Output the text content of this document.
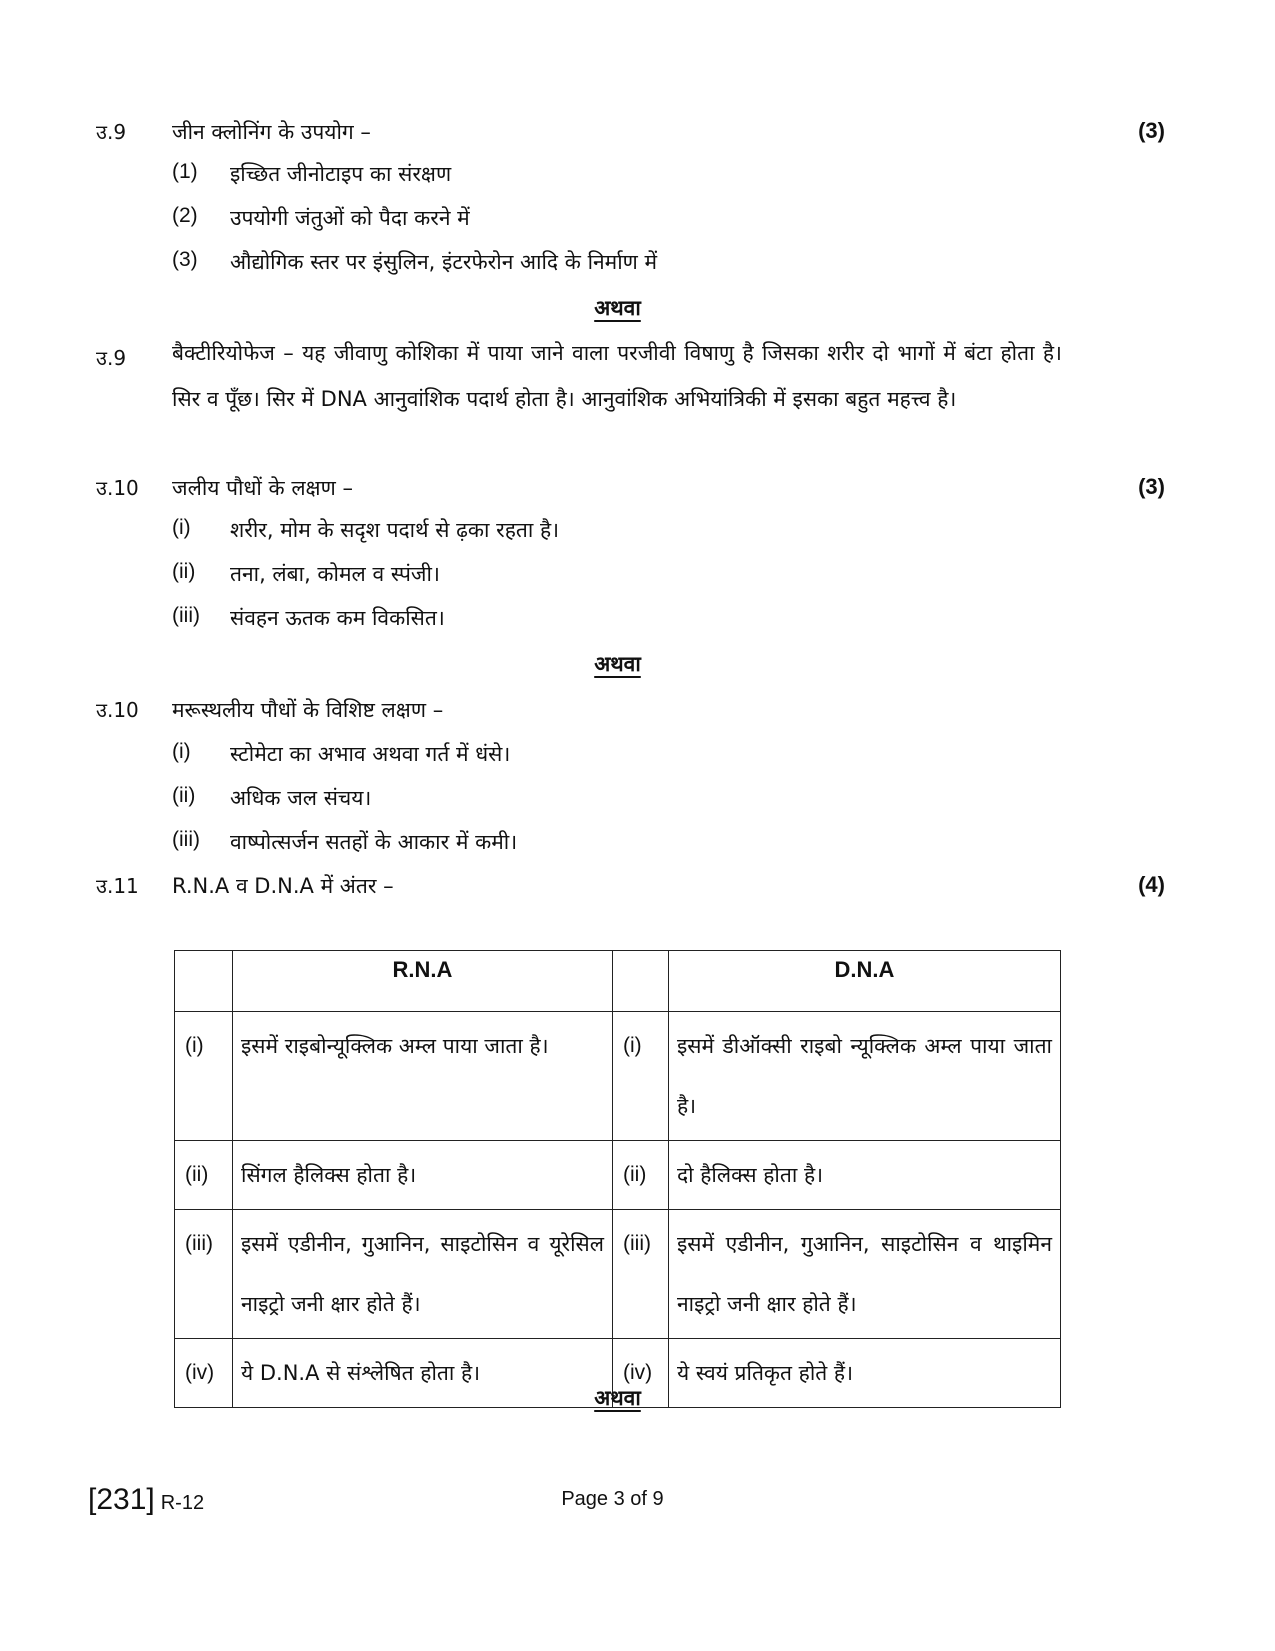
उ.9 जीन क्लोनिंग के उपयोग –	(3)
(1) इच्छित जीनोटाइप का संरक्षण
(2) उपयोगी जंतुओं को पैदा करने में
(3) औद्योगिक स्तर पर इंसुलिन, इंटरफेरोन आदि के निर्माण में
अथवा
उ.9 बैक्टीरियोफेज – यह जीवाणु कोशिका में पाया जाने वाला परजीवी विषाणु है जिसका शरीर दो भागों में बंटा होता है। सिर व पूँछ। सिर में DNA आनुवांशिक पदार्थ होता है। आनुवांशिक अभियांत्रिकी में इसका बहुत महत्त्व है।
उ.10 जलीय पौधों के लक्षण –	(3)
(i) शरीर, मोम के सदृश पदार्थ से ढ़का रहता है।
(ii) तना, लंबा, कोमल व स्पंजी।
(iii) संवहन ऊतक कम विकसित।
अथवा
उ.10 मरूस्थलीय पौधों के विशिष्ट लक्षण –
(i) स्टोमेटा का अभाव अथवा गर्त में धंसे।
(ii) अधिक जल संचय।
(iii) वाष्पोत्सर्जन सतहों के आकार में कमी।
उ.11 R.N.A व D.N.A में अंतर –	(4)
	R.N.A		D.N.A
(i)	इसमें राइबोन्यूक्लिक अम्ल पाया जाता है।	(i)	इसमें डीऑक्सी राइबो न्यूक्लिक अम्ल पाया जाता है।
(ii)	सिंगल हैलिक्स होता है।	(ii)	दो हैलिक्स होता है।
(iii)	इसमें एडीनीन, गुआनिन, साइटोसिन व यूरेसिल नाइट्रो जनी क्षार होते हैं।	(iii)	इसमें एडीनीन, गुआनिन, साइटोसिन व थाइमिन नाइट्रो जनी क्षार होते हैं।
(iv)	ये D.N.A से संश्लेषित होता है।	(iv)	ये स्वयं प्रतिकृत होते हैं।
अथवा
[231] R-12	Page 3 of 9
